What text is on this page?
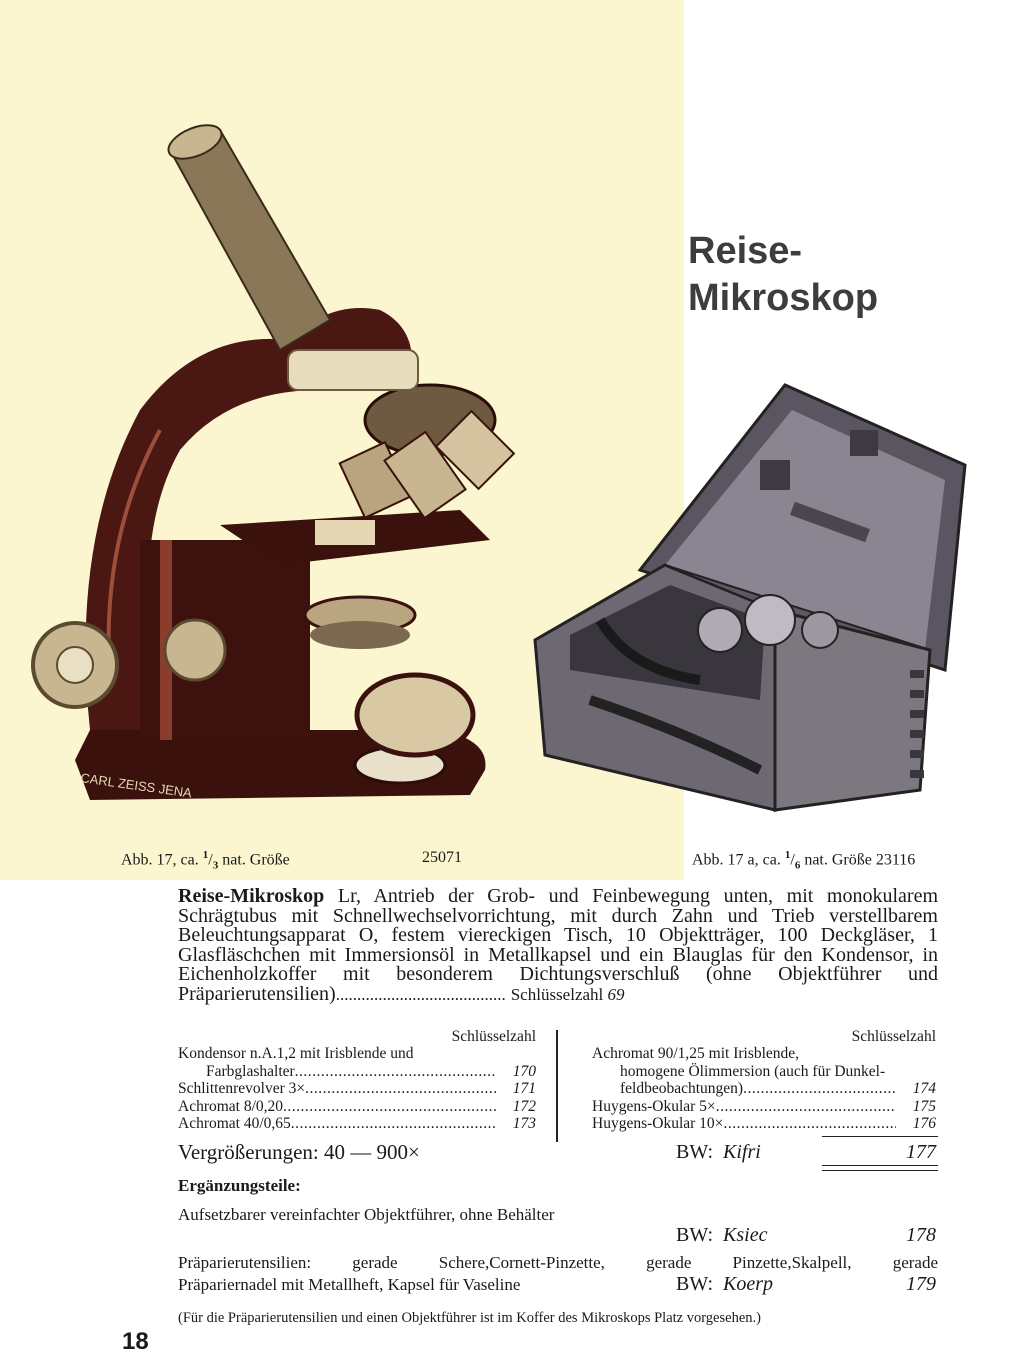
Reise-
Mikroskop
CARL ZEISS JENA
Abb. 17, ca. $^1/_3$ nat. Größe	25071	Abb. 17 a, ca. $^1/_6$ nat. Größe 23116
Reise-Mikroskop Lr, Antrieb der Grob- und Feinbewegung unten, mit monokularem Schrägtubus mit Schnellwechselvorrichtung, mit durch Zahn und Trieb verstellbarem Beleuchtungsapparat O, festem viereckigen Tisch, 10 Objektträger, 100 Deckgläser, 1 Glasfläschchen mit Immersionsöl in Metallkapsel und ein Blauglas für den Kondensor, in Eichenholzkoffer mit besonderem Dichtungsverschluß (ohne Objektführer und Präparierutensilien)........................................ Schlüsselzahl 69
Schlüsselzahl
Kondensor n.A.1,2 mit Irisblende und
Farbglashalter .....	170
Schlittenrevolver 3× .....	171
Achromat 8/0,20 .....	172
Achromat 40/0,65 .....	173
Schlüsselzahl
Achromat 90/1,25 mit Irisblende,
homogene Ölimmersion (auch für Dunkel-
feldbeobachtungen) .....	174
Huygens-Okular 5× .....	175
Huygens-Okular 10× .....	176
Vergrößerungen: 40 — 900×	BW: Kifri	177
Ergänzungsteile:
Aufsetzbarer vereinfachter Objektführer, ohne Behälter
BW: Ksiec	178
Präparierutensilien: gerade Schere,Cornett-Pinzette, gerade Pinzette,Skalpell, gerade
Präpariernadel mit Metallheft, Kapsel für Vaseline	BW: Koerp	179
(Für die Präparierutensilien und einen Objektführer ist im Koffer des Mikroskops Platz vorgesehen.)
18
